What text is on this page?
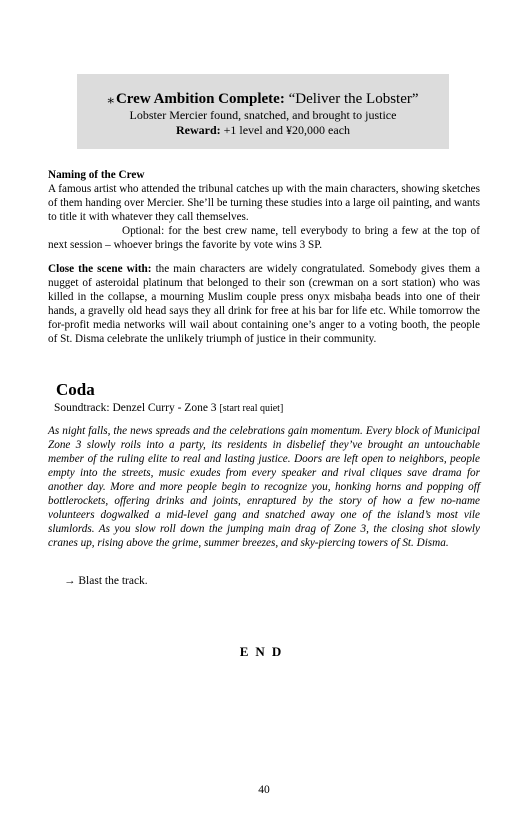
⁎ Crew Ambition Complete: “Deliver the Lobster”
Lobster Mercier found, snatched, and brought to justice
Reward: +1 level and ¥20,000 each
Naming of the Crew

A famous artist who attended the tribunal catches up with the main characters, showing sketches of them handing over Mercier. She’ll be turning these studies into a large oil painting, and wants to title it with whatever they call themselves.

Optional: for the best crew name, tell everybody to bring a few at the top of next session – whoever brings the favorite by vote wins 3 SP.

Close the scene with: the main characters are widely congratulated. Somebody gives them a nugget of asteroidal platinum that belonged to their son (crewman on a sort station) who was killed in the collapse, a mourning Muslim couple press onyx misbaḥa beads into one of their hands, a gravelly old head says they all drink for free at his bar for life etc. While tomorrow the for-profit media networks will wail about containing one’s anger to a voting booth, the people of St. Disma celebrate the unlikely triumph of justice in their community.

Coda
Soundtrack: Denzel Curry - Zone 3 [start real quiet]

As night falls, the news spreads and the celebrations gain momentum. Every block of Municipal Zone 3 slowly roils into a party, its residents in disbelief they’ve brought an untouchable member of the ruling elite to real and lasting justice. Doors are left open to neighbors, people empty into the streets, music exudes from every speaker and rival cliques save drama for another day. More and more people begin to recognize you, honking horns and popping off bottlerockets, offering drinks and joints, enraptured by the story of how a few no-name volunteers dogwalked a mid-level gang and snatched away one of the island’s most vile slumlords. As you slow roll down the jumping main drag of Zone 3, the closing shot slowly cranes up, rising above the grime, summer breezes, and sky-piercing towers of St. Disma.

→ Blast the track.
END
40
